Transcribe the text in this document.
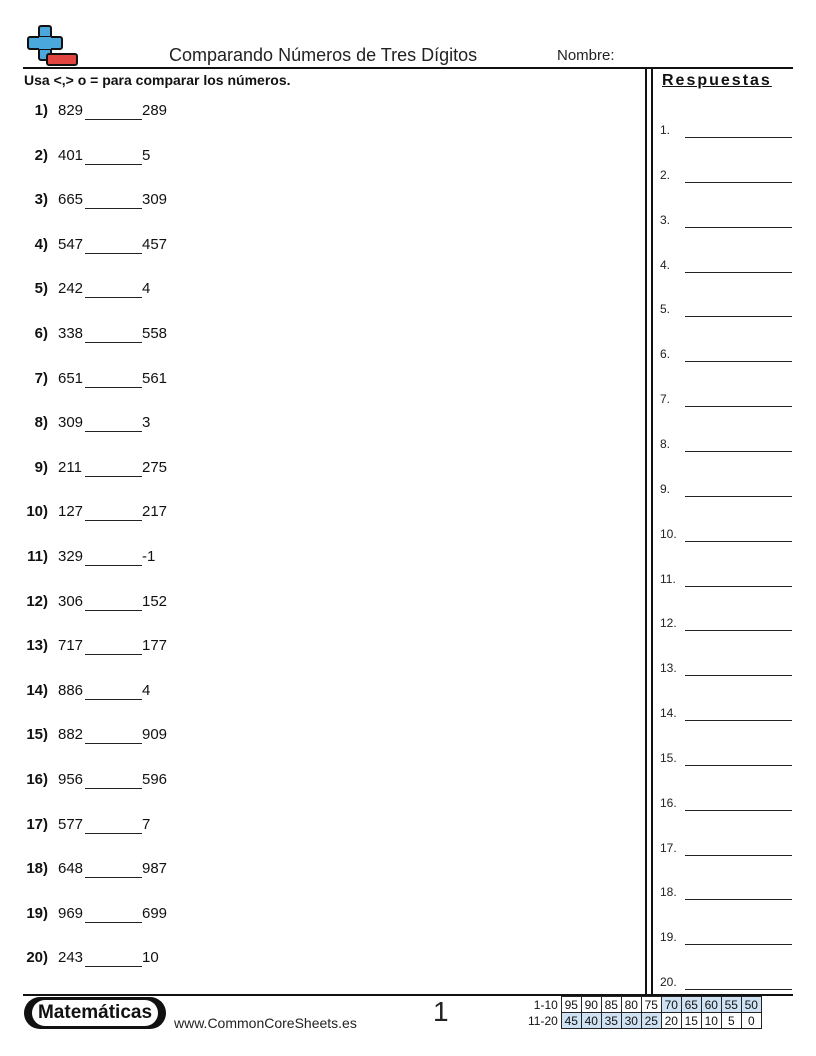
Comparando Números de Tres Dígitos	Nombre:
Usa <,> o = para comparar los números.
1) 829	289
2) 401	5
3) 665	309
4) 547	457
5) 242	4
6) 338	558
7) 651	561
8) 309	3
9) 211	275
10) 127	217
11) 329	-1
12) 306	152
13) 717	177
14) 886	4
15) 882	909
16) 956	596
17) 577	7
18) 648	987
19) 969	699
20) 243	10
Respuestas
1.
2.
3.
4.
5.
6.
7.
8.
9.
10.
11.
12.
13.
14.
15.
16.
17.
18.
19.
20.
Matemáticas	www.CommonCoreSheets.es	1	1-10	95	90	85	80	75	70	65	60	55	50
11-20	45	40	35	30	25	20	15	10	5	0
